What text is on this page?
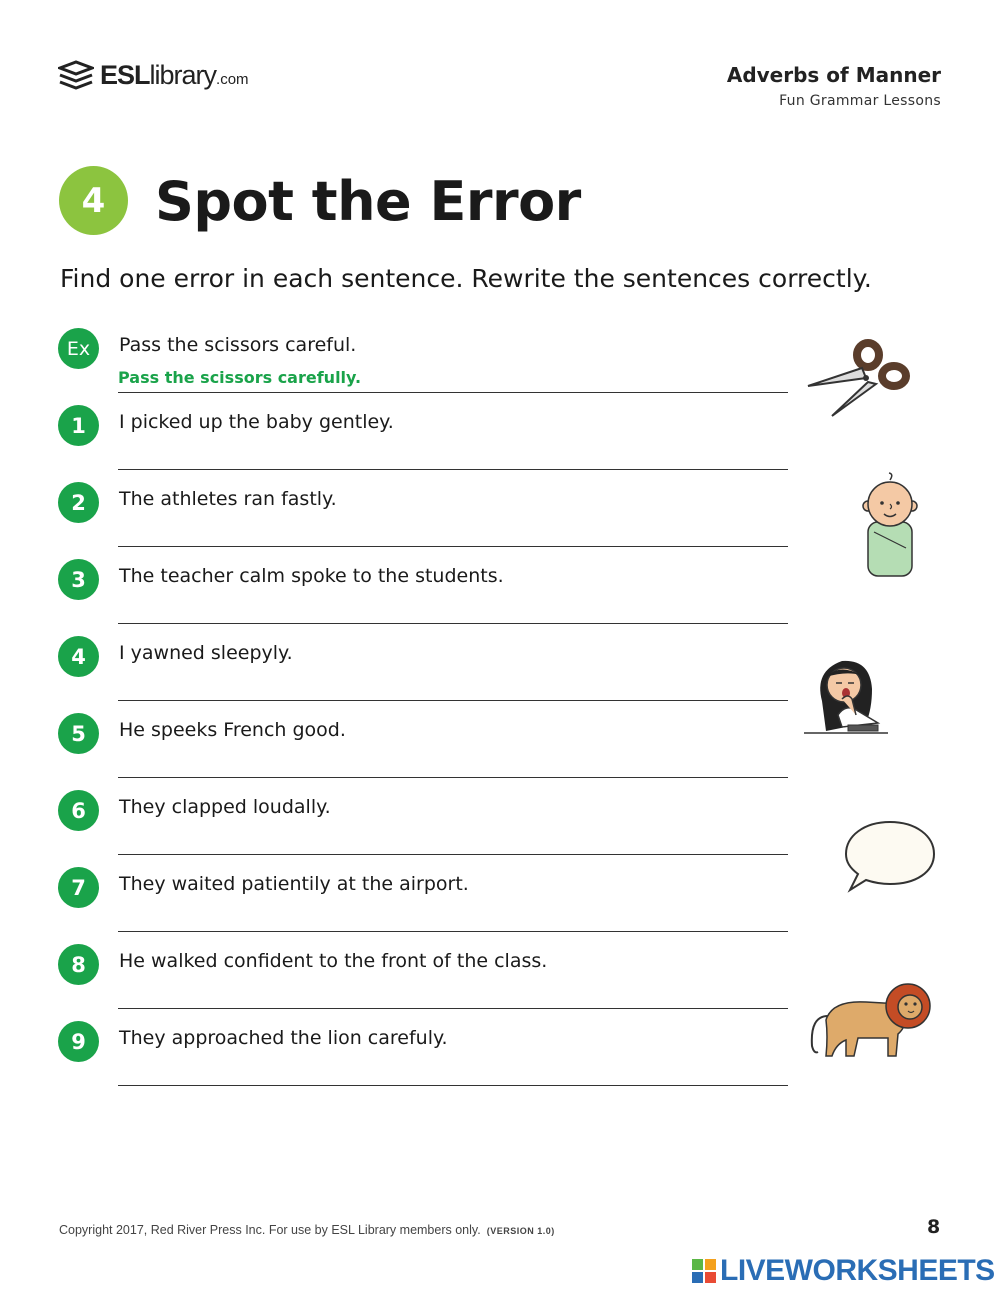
ESLlibrary.com	Adverbs of Manner
Fun Grammar Lessons
4 Spot the Error
Find one error in each sentence. Rewrite the sentences correctly.
Ex	Pass the scissors careful.
Pass the scissors carefully.
1	I picked up the baby gentley.
2	The athletes ran fastly.
3	The teacher calm spoke to the students.
4	I yawned sleepyly.
5	He speeks French good.
6	They clapped loudally.
7	They waited patientily at the airport.
8	He walked confident to the front of the class.
9	They approached the lion carefuly.
Copyright 2017, Red River Press Inc. For use by ESL Library members only. (VERSION 1.0)	8
LIVEWORKSHEETS
